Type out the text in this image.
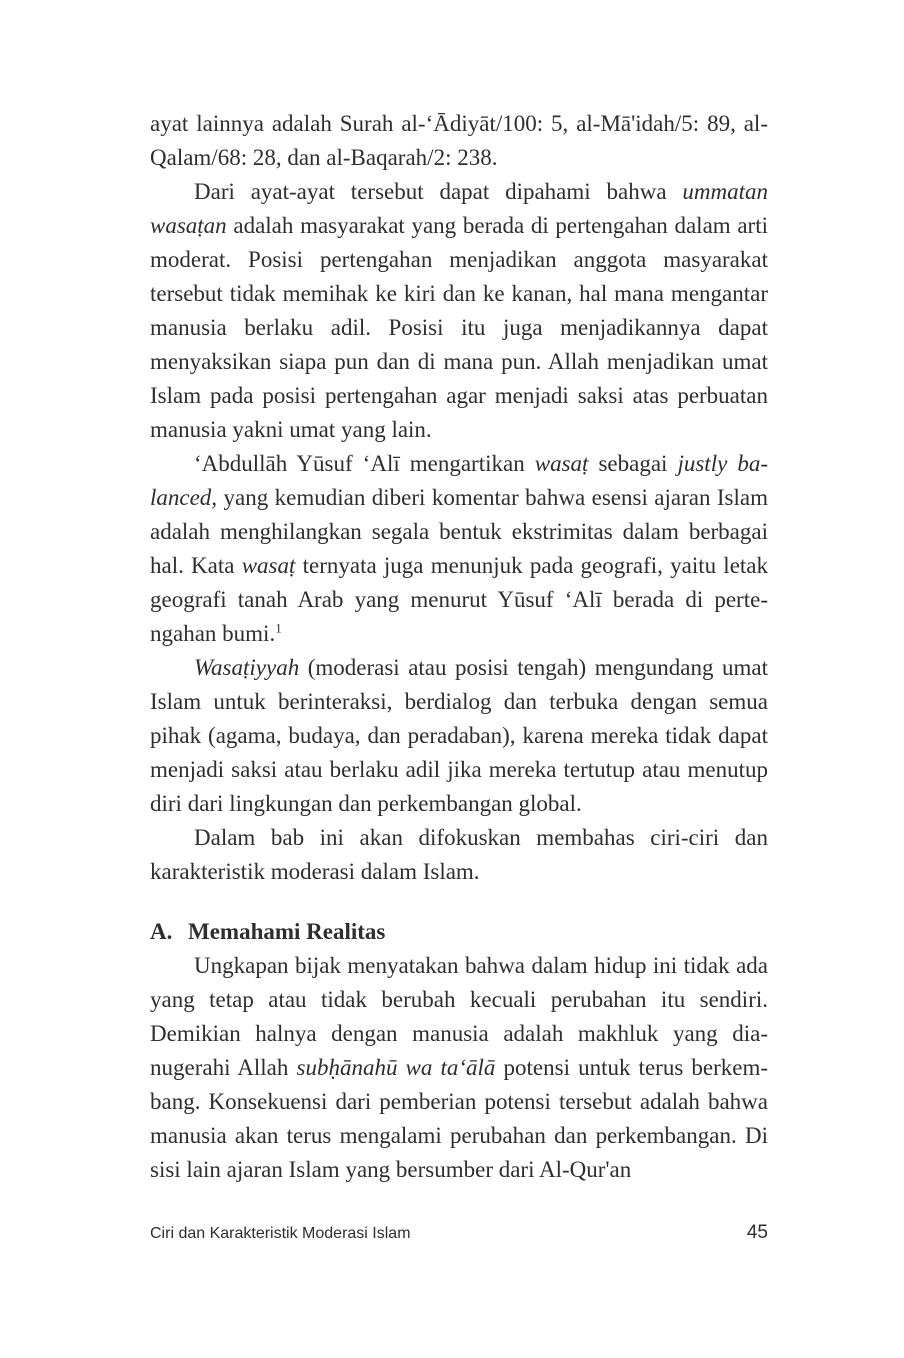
ayat lainnya adalah Surah al-‘Ādiyāt/100: 5, al-Mā'idah/5: 89, al-Qalam/68: 28, dan al-Baqarah/2: 238.

Dari ayat-ayat tersebut dapat dipahami bahwa ummatan wasaṭan adalah masyarakat yang berada di pertengahan dalam arti moderat. Posisi pertengahan menjadikan anggota masyarakat tersebut tidak memihak ke kiri dan ke kanan, hal mana mengantar manusia berlaku adil. Posisi itu juga menjadikannya dapat menyaksikan siapa pun dan di mana pun. Allah menjadikan umat Islam pada posisi pertengahan agar menjadi saksi atas perbuatan manusia yakni umat yang lain.

‘Abdullāh Yūsuf ‘Alī mengartikan wasaṭ sebagai justly balanced, yang kemudian diberi komentar bahwa esensi ajaran Islam adalah menghilangkan segala bentuk ekstrimitas dalam berbagai hal. Kata wasaṭ ternyata juga menunjuk pada geografi, yaitu letak geografi tanah Arab yang menurut Yūsuf ‘Alī berada di pertengahan bumi.$^1$

Wasaṭiyyah (moderasi atau posisi tengah) mengundang umat Islam untuk berinteraksi, berdialog dan terbuka dengan semua pihak (agama, budaya, dan peradaban), karena mereka tidak dapat menjadi saksi atau berlaku adil jika mereka tertutup atau menutup diri dari lingkungan dan perkembangan global.

Dalam bab ini akan difokuskan membahas ciri-ciri dan karakteristik moderasi dalam Islam.

A. Memahami Realitas

Ungkapan bijak menyatakan bahwa dalam hidup ini tidak ada yang tetap atau tidak berubah kecuali perubahan itu sendiri. Demikian halnya dengan manusia adalah makhluk yang dianugerahi Allah subḥānahū wa ta‘ālā potensi untuk terus berkembang. Konsekuensi dari pemberian potensi tersebut adalah bahwa manusia akan terus mengalami perubahan dan perkembangan. Di sisi lain ajaran Islam yang bersumber dari Al-Qur'an

Ciri dan Karakteristik Moderasi Islam	45
